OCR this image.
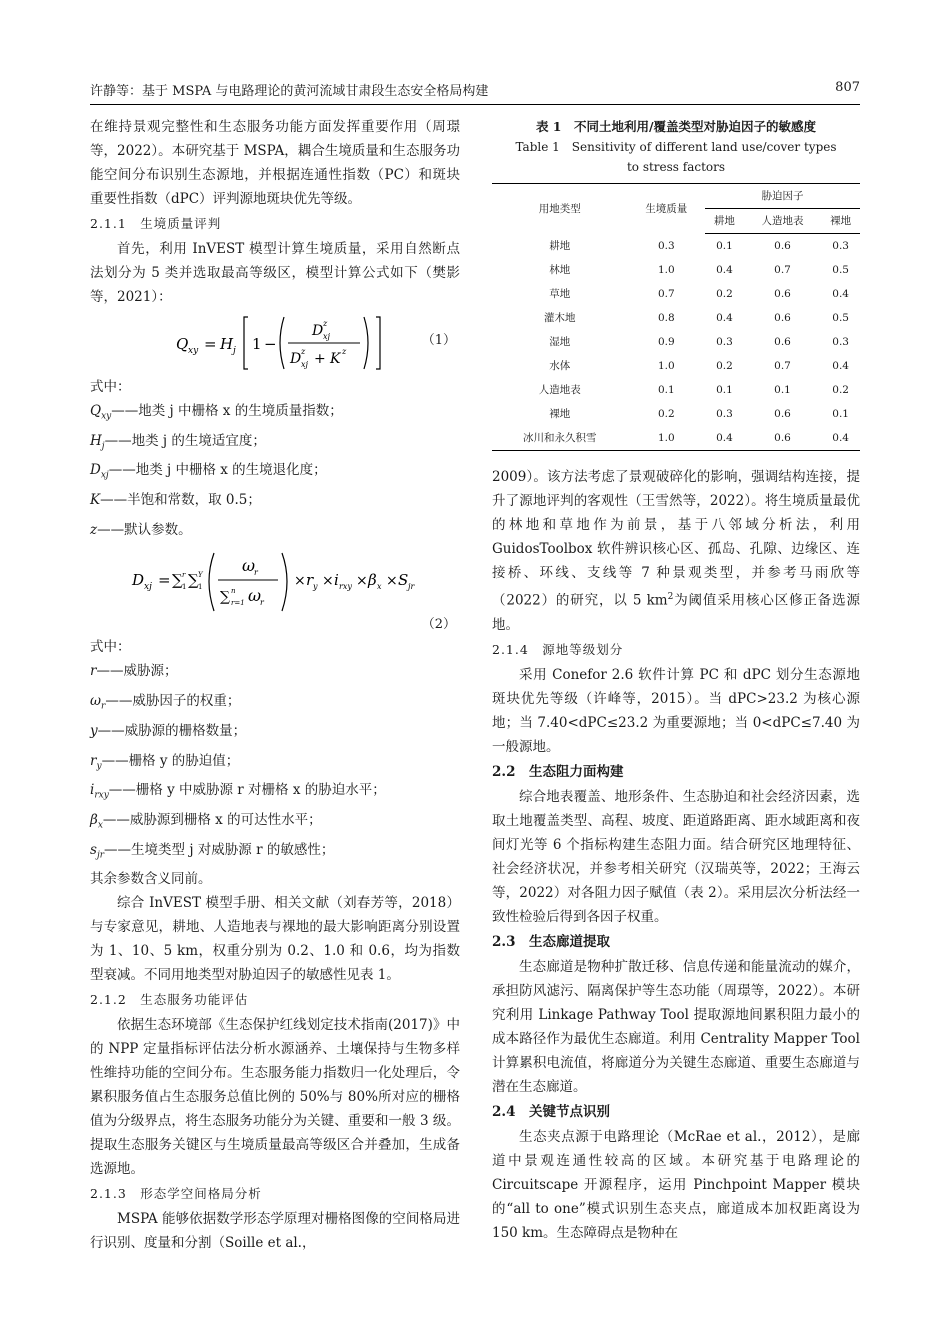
许静等：基于 MSPA 与电路理论的黄河流域甘肃段生态安全格局构建	807

在维持景观完整性和生态服务功能方面发挥重要作用（周璟等，2022）。本研究基于 MSPA，耦合生境质量和生态服务功能空间分布识别生态源地，并根据连通性指数（PC）和斑块重要性指数（dPC）评判源地斑块优先等级。

2.1.1　生境质量评判

首先，利用 InVEST 模型计算生境质量，采用自然断点法划分为 5 类并选取最高等级区，模型计算公式如下（樊影等，2021）：

Q xy = H j 1 −
D z
xj
D z
xj + K z
（1）

式中：

$Q_{xy}——$地类 j 中栅格 x 的生境质量指数；

$H_j——$地类 j 的生境适宜度；

$D_{xj}——$地类 j 中栅格 x 的生境退化度；

K——半饱和常数，取 0.5；

z——默认参数。

D xj = ∑ r
1 ∑ Y
1
ω
r
∑ n
r=1 ω
r
× r y × i rxy × β x × S jr
（2）

式中：

r——威胁源；

$\omega_r——$威胁因子的权重；

y——威胁源的栅格数量；

$r_y——$栅格 y 的胁迫值；

$i_{rxy}——$栅格 y 中威胁源 r 对栅格 x 的胁迫水平；

$\beta_x——$威胁源到栅格 x 的可达性水平；

$s_{jr}——$生境类型 j 对威胁源 r 的敏感性；

其余参数含义同前。

综合 InVEST 模型手册、相关文献（刘春芳等，2018）与专家意见，耕地、人造地表与裸地的最大影响距离分别设置为 1、10、5 km，权重分别为 0.2、1.0 和 0.6，均为指数型衰减。不同用地类型对胁迫因子的敏感性见表 1。

2.1.2　生态服务功能评估

依据生态环境部《生态保护红线划定技术指南(2017)》中的 NPP 定量指标评估法分析水源涵养、土壤保持与生物多样性维持功能的空间分布。生态服务能力指数归一化处理后，令累积服务值占生态服务总值比例的 50%与 80%所对应的栅格值为分级界点，将生态服务功能分为关键、重要和一般 3 级。提取生态服务关键区与生境质量最高等级区合并叠加，生成备选源地。

2.1.3　形态学空间格局分析

MSPA 能够依据数学形态学原理对栅格图像的空间格局进行识别、度量和分割（Soille et al.，

表 1　不同土地利用/覆盖类型对胁迫因子的敏感度
Table 1　Sensitivity of different land use/cover types
to stress factors
用地类型	生境质量	胁迫因子		
		耕地	人造地表	裸地
耕地	0.3	0.1	0.6	0.3
林地	1.0	0.4	0.7	0.5
草地	0.7	0.2	0.6	0.4
灌木地	0.8	0.4	0.6	0.5
湿地	0.9	0.3	0.6	0.3
水体	1.0	0.2	0.7	0.4
人造地表	0.1	0.1	0.1	0.2
裸地	0.2	0.3	0.6	0.1
冰川和永久积雪	1.0	0.4	0.6	0.4

2009）。该方法考虑了景观破碎化的影响，强调结构连接，提升了源地评判的客观性（王雪然等，2022）。将生境质量最优的林地和草地作为前景，基于八邻域分析法，利用 GuidosToolbox 软件辨识核心区、孤岛、孔隙、边缘区、连接桥、环线、支线等 7 种景观类型，并参考马雨欣等（2022）的研究，以 5 $km^2$为阈值采用核心区修正备选源地。

2.1.4　源地等级划分

采用 Conefor 2.6 软件计算 PC 和 dPC 划分生态源地斑块优先等级（许峰等，2015）。当 dPC>23.2 为核心源地；当 7.40<dPC≤23.2 为重要源地；当 0<dPC≤7.40 为一般源地。

2.2　生态阻力面构建

综合地表覆盖、地形条件、生态胁迫和社会经济因素，选取土地覆盖类型、高程、坡度、距道路距离、距水域距离和夜间灯光等 6 个指标构建生态阻力面。结合研究区地理特征、社会经济状况，并参考相关研究（汉瑞英等，2022；王海云等，2022）对各阻力因子赋值（表 2）。采用层次分析法经一致性检验后得到各因子权重。

2.3　生态廊道提取

生态廊道是物种扩散迁移、信息传递和能量流动的媒介，承担防风滤污、隔离保护等生态功能（周璟等，2022）。本研究利用 Linkage Pathway Tool 提取源地间累积阻力最小的成本路径作为最优生态廊道。利用 Centrality Mapper Tool 计算累积电流值，将廊道分为关键生态廊道、重要生态廊道与潜在生态廊道。

2.4　关键节点识别

生态夹点源于电路理论（McRae et al.，2012），是廊道中景观连通性较高的区域。本研究基于电路理论的 Circuitscape 开源程序，运用 Pinchpoint Mapper 模块的“all to one”模式识别生态夹点，廊道成本加权距离设为 150 km。生态障碍点是物种在
